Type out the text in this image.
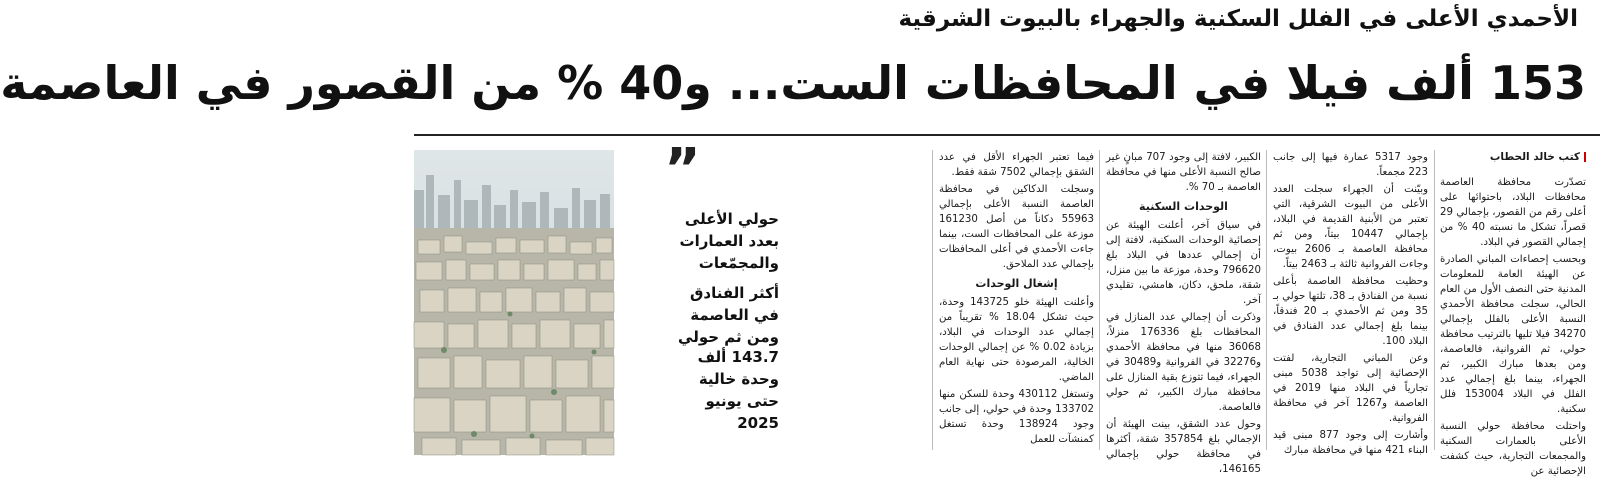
الأحمدي الأعلى في الفلل السكنية والجهراء بالبيوت الشرقية
153 ألف فيلا في المحافظات الست... و40 % من القصور في العاصمة
كتب خالد الحطاب

تصدّرت محافظة العاصمة محافظات البلاد، باحتوائها على أعلى رقم من القصور، بإجمالي 29 قصراً، تشكل ما نسبته 40 % من إجمالي القصور في البلاد.

وبحسب إحصاءات المباني الصادرة عن الهيئة العامة للمعلومات المدنية حتى النصف الأول من العام الحالي، سجلت محافظة الأحمدي النسبة الأعلى بالفلل بإجمالي 34270 فيلا تليها بالترتيب محافظة حولي، ثم الفروانية، فالعاصمة، ومن بعدها مبارك الكبير، ثم الجهراء، بينما بلغ إجمالي عدد الفلل في البلاد 153004 فلل سكنية.

واحتلت محافظة حولي النسبة الأعلى بالعمارات السكنية والمجمعات التجارية، حيث كشفت الإحصائية عن

وجود 5317 عمارة فيها إلى جانب 223 مجمعاً.

وبيّنت أن الجهراء سجلت العدد الأعلى من البيوت الشرقية، التي تعتبر من الأبنية القديمة في البلاد، بإجمالي 10447 بيتاً، ومن ثم محافظة العاصمة بـ 2606 بيوت، وجاءت الفروانية ثالثة بـ 2463 بيتاً.

وحظيت محافظة العاصمة بأعلى نسبة من الفنادق بـ 38، تلتها حولي بـ 35 ومن ثم الأحمدي بـ 20 فندقاً، بينما بلغ إجمالي عدد الفنادق في البلاد 100.

وعن المباني التجارية، لفتت الإحصائية إلى تواجد 5038 مبنى تجارياً في البلاد منها 2019 في العاصمة و1267 آخر في محافظة الفروانية.

وأشارت إلى وجود 877 مبنى قيد البناء 421 منها في محافظة مبارك

الكبير، لافتة إلى وجود 707 مبانٍ غير صالح النسبة الأعلى منها في محافظة العاصمة بـ 70 %.

الوحدات السكنية

في سياق آخر، أعلنت الهيئة عن إحصائية الوحدات السكنية، لافتة إلى أن إجمالي عددها في البلاد بلغ 796620 وحدة، موزعة ما بين منزل، شقة، ملحق، دكان، هامشي، تقليدي آخر.

وذكرت أن إجمالي عدد المنازل في المحافظات بلغ 176336 منزلاً، 36068 منها في محافظة الأحمدي و32276 في الفروانية و30489 في الجهراء، فيما تتوزع بقية المنازل على محافظة مبارك الكبير، ثم حولي فالعاصمة.

وحول عدد الشقق، بينت الهيئة أن الإجمالي بلغ 357854 شقة، أكثرها في محافظة حولي بإجمالي 146165،

فيما تعتبر الجهراء الأقل في عدد الشقق بإجمالي 7502 شقة فقط.

وسجلت الدكاكين في محافظة العاصمة النسبة الأعلى بإجمالي 55963 دكاناً من أصل 161230 موزعة على المحافظات الست، بينما جاءت الأحمدي في أعلى المحافظات بإجمالي عدد الملاحق.

إشغال الوحدات

وأعلنت الهيئة خلو 143725 وحدة، حيث تشكل 18.04 % تقريباً من إجمالي عدد الوحدات في البلاد، بزيادة 0.02 % عن إجمالي الوحدات الخالية، المرصودة حتى نهاية العام الماضي.

وتستغل 430112 وحدة للسكن منها 133702 وحدة في حولي، إلى جانب وجود 138924 وحدة تستغل كمنشآت للعمل

”
حولي الأعلى بعدد العمارات والمجمّعات
أكثر الفنادق في العاصمة ومن ثم حولي
143.7 ألف وحدة خالية حتى يونيو 2025
